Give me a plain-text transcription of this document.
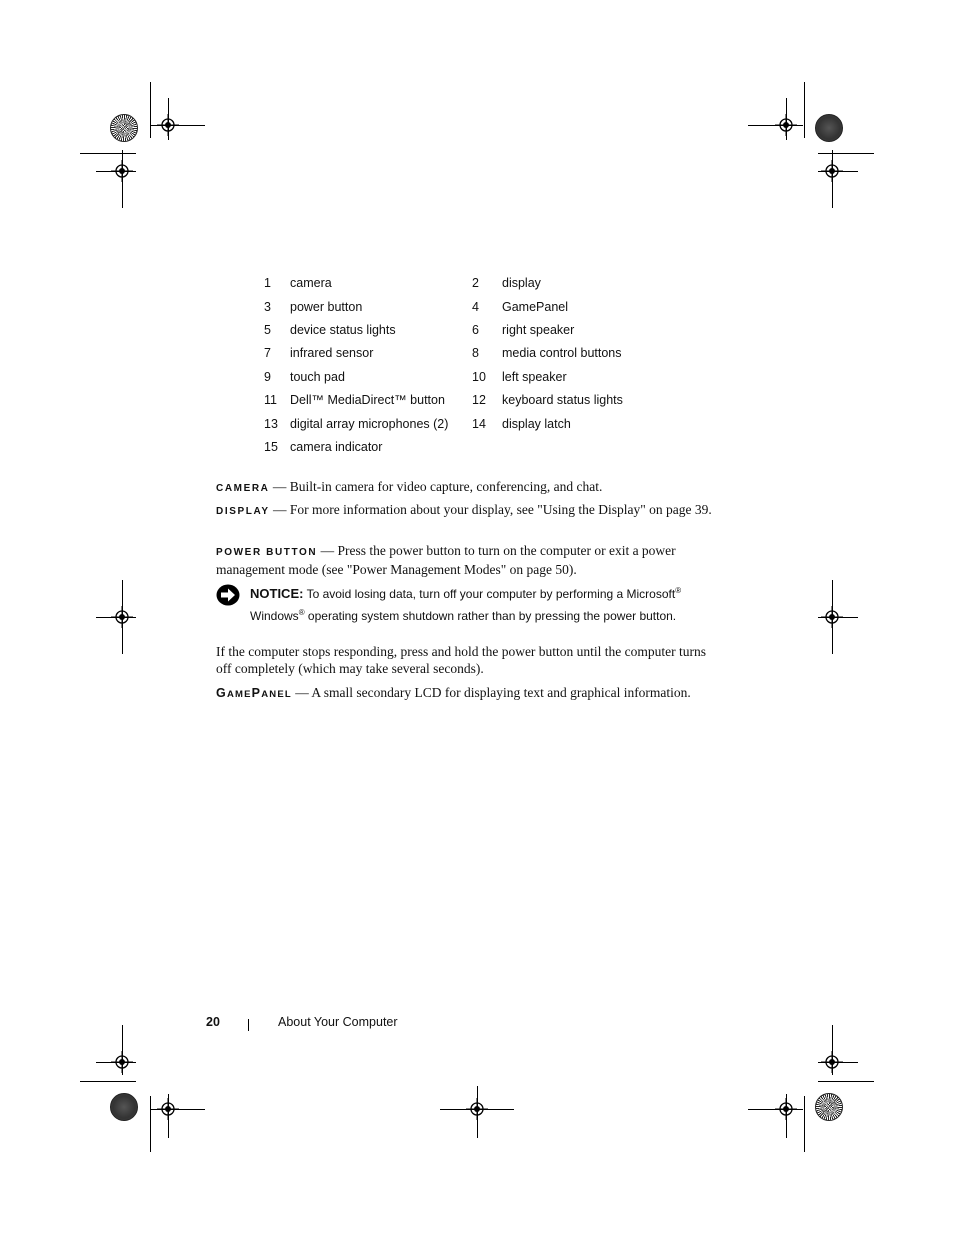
1 camera	2 display
3 power button	4 GamePanel
5 device status lights	6 right speaker
7 infrared sensor	8 media control buttons
9 touch pad	10 left speaker
11 Dell™ MediaDirect™ button 12 keyboard status lights
13 digital array microphones (2) 14 display latch
15 camera indicator
CAMERA — Built-in camera for video capture, conferencing, and chat.
DISPLAY — For more information about your display, see "Using the Display" on page 39.
POWER BUTTON — Press the power button to turn on the computer or exit a power management mode (see "Power Management Modes" on page 50).
NOTICE: To avoid losing data, turn off your computer by performing a Microsoft® Windows® operating system shutdown rather than by pressing the power button.
If the computer stops responding, press and hold the power button until the computer turns off completely (which may take several seconds).
GAMEPANEL — A small secondary LCD for displaying text and graphical information.
20	About Your Computer
